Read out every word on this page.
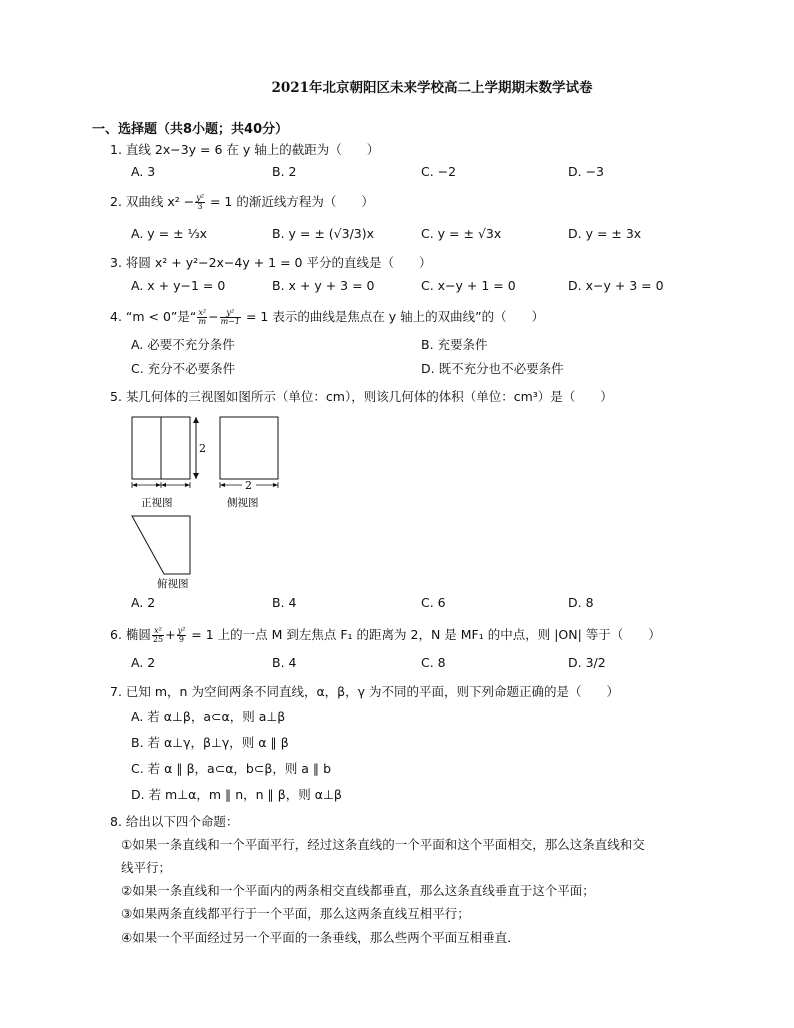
2021年北京朝阳区未来学校高二上学期期末数学试卷
一、选择题（共8小题；共40分）
1. 直线 2x−3y = 6 在 y 轴上的截距为（　　）
A. 3	B. 2	C. −2	D. −3
2. 双曲线 $x^2 - \frac{\text{y²}}{3} = 1$ 的渐近线方程为（　　）
A. y = ± ⅓x	B. y = ± (√3/3)x	C. y = ± √3x	D. y = ± 3x
3. 将圆 x² + y²−2x−4y + 1 = 0 平分的直线是（　　）
A. x + y−1 = 0	B. x + y + 3 = 0	C. x−y + 1 = 0	D. x−y + 3 = 0
4. “m < 0”是“ $\frac{\text{x²}}{m} - \frac{\text{y²}}{m-1} = 1$ 表示的曲线是焦点在 y 轴上的双曲线”的（　　）
A. 必要不充分条件	B. 充要条件
C. 充分不必要条件	D. 既不充分也不必要条件
5. 某几何体的三视图如图所示（单位：cm），则该几何体的体积（单位：cm³）是（　　）
2
正视图
2
侧视图
俯视图
A. 2	B. 4	C. 6	D. 8
6. 椭圆 $\frac{\text{x²}}{25} + \frac{\text{y²}}{9} = 1$ 上的一点 M 到左焦点 F₁ 的距离为 2，N 是 MF₁ 的中点，则 |ON| 等于（　　）
A. 2	B. 4	C. 8	D. 3/2
7. 已知 m，n 为空间两条不同直线，α，β，γ 为不同的平面，则下列命题正确的是（　　）
A. 若 α⊥β，a⊂α，则 a⊥β
B. 若 α⊥γ，β⊥γ，则 α ∥ β
C. 若 α ∥ β，a⊂α，b⊂β，则 a ∥ b
D. 若 m⊥α，m ∥ n，n ∥ β，则 α⊥β
8. 给出以下四个命题：
①如果一条直线和一个平面平行，经过这条直线的一个平面和这个平面相交，那么这条直线和交
线平行；
②如果一条直线和一个平面内的两条相交直线都垂直，那么这条直线垂直于这个平面；
③如果两条直线都平行于一个平面，那么这两条直线互相平行；
④如果一个平面经过另一个平面的一条垂线，那么些两个平面互相垂直．
